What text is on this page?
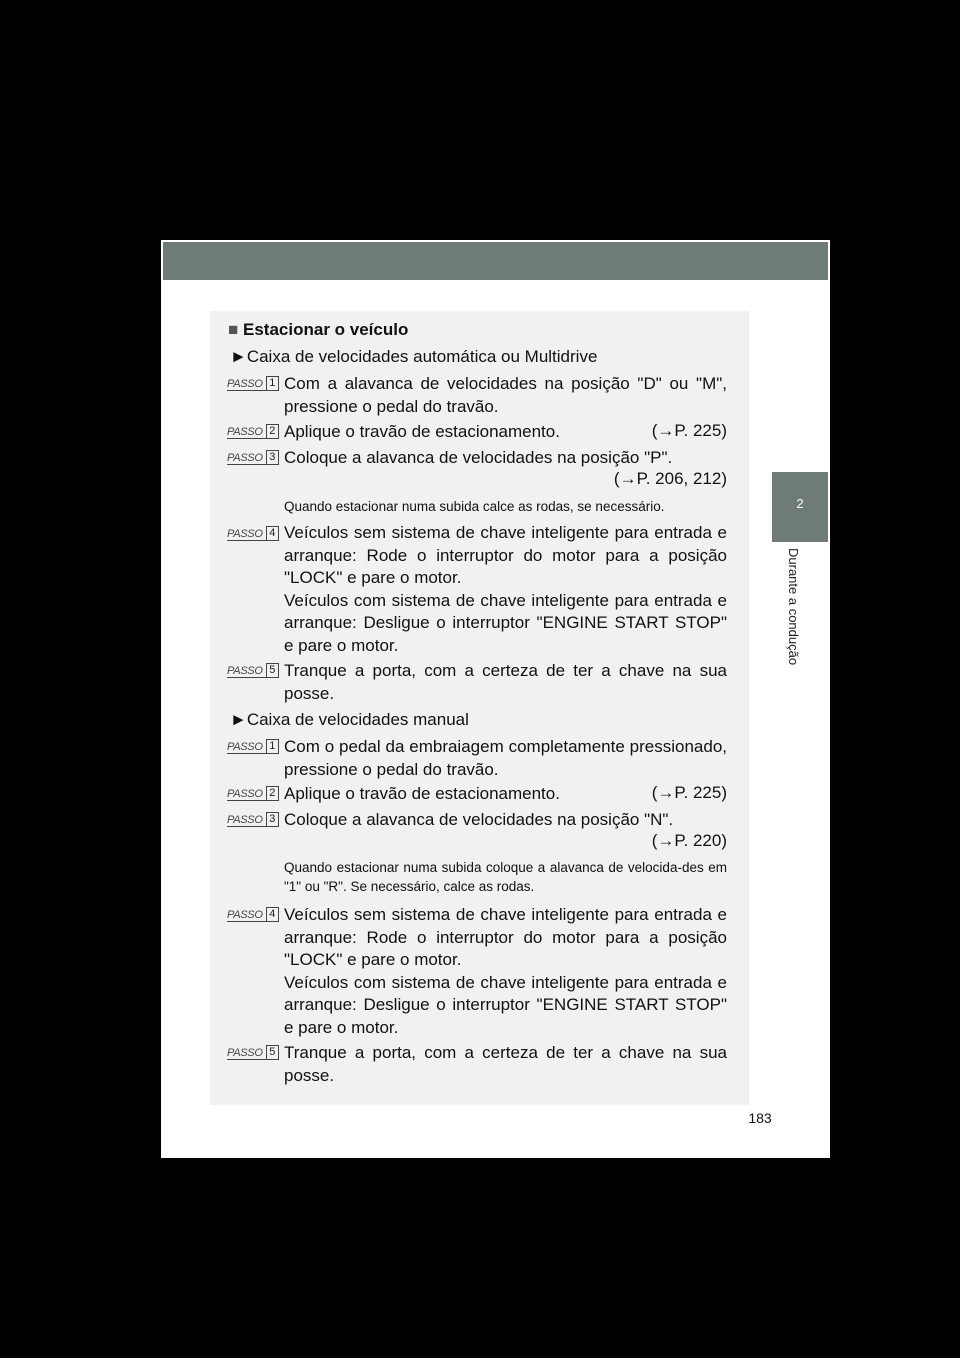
2
Durante a condução
■ Estacionar o veículo
►Caixa de velocidades automática ou Multidrive
PASSO 1 Com a alavanca de velocidades na posição "D" ou "M", pressione o pedal do travão.
PASSO 2 Aplique o travão de estacionamento.	(→P. 225)
PASSO 3 Coloque a alavanca de velocidades na posição "P".
(→P. 206, 212)
Quando estacionar numa subida calce as rodas, se necessário.
PASSO 4 Veículos sem sistema de chave inteligente para entrada e arranque: Rode o interruptor do motor para a posição "LOCK" e pare o motor.
Veículos com sistema de chave inteligente para entrada e arranque: Desligue o interruptor "ENGINE START STOP" e pare o motor.
PASSO 5 Tranque a porta, com a certeza de ter a chave na sua posse.
►Caixa de velocidades manual
PASSO 1 Com o pedal da embraiagem completamente pressionado, pressione o pedal do travão.
PASSO 2 Aplique o travão de estacionamento.	(→P. 225)
PASSO 3 Coloque a alavanca de velocidades na posição "N".
(→P. 220)
Quando estacionar numa subida coloque a alavanca de velocida-des em "1" ou "R". Se necessário, calce as rodas.
PASSO 4 Veículos sem sistema de chave inteligente para entrada e arranque: Rode o interruptor do motor para a posição "LOCK" e pare o motor.
Veículos com sistema de chave inteligente para entrada e arranque: Desligue o interruptor "ENGINE START STOP" e pare o motor.
PASSO 5 Tranque a porta, com a certeza de ter a chave na sua posse.
183
